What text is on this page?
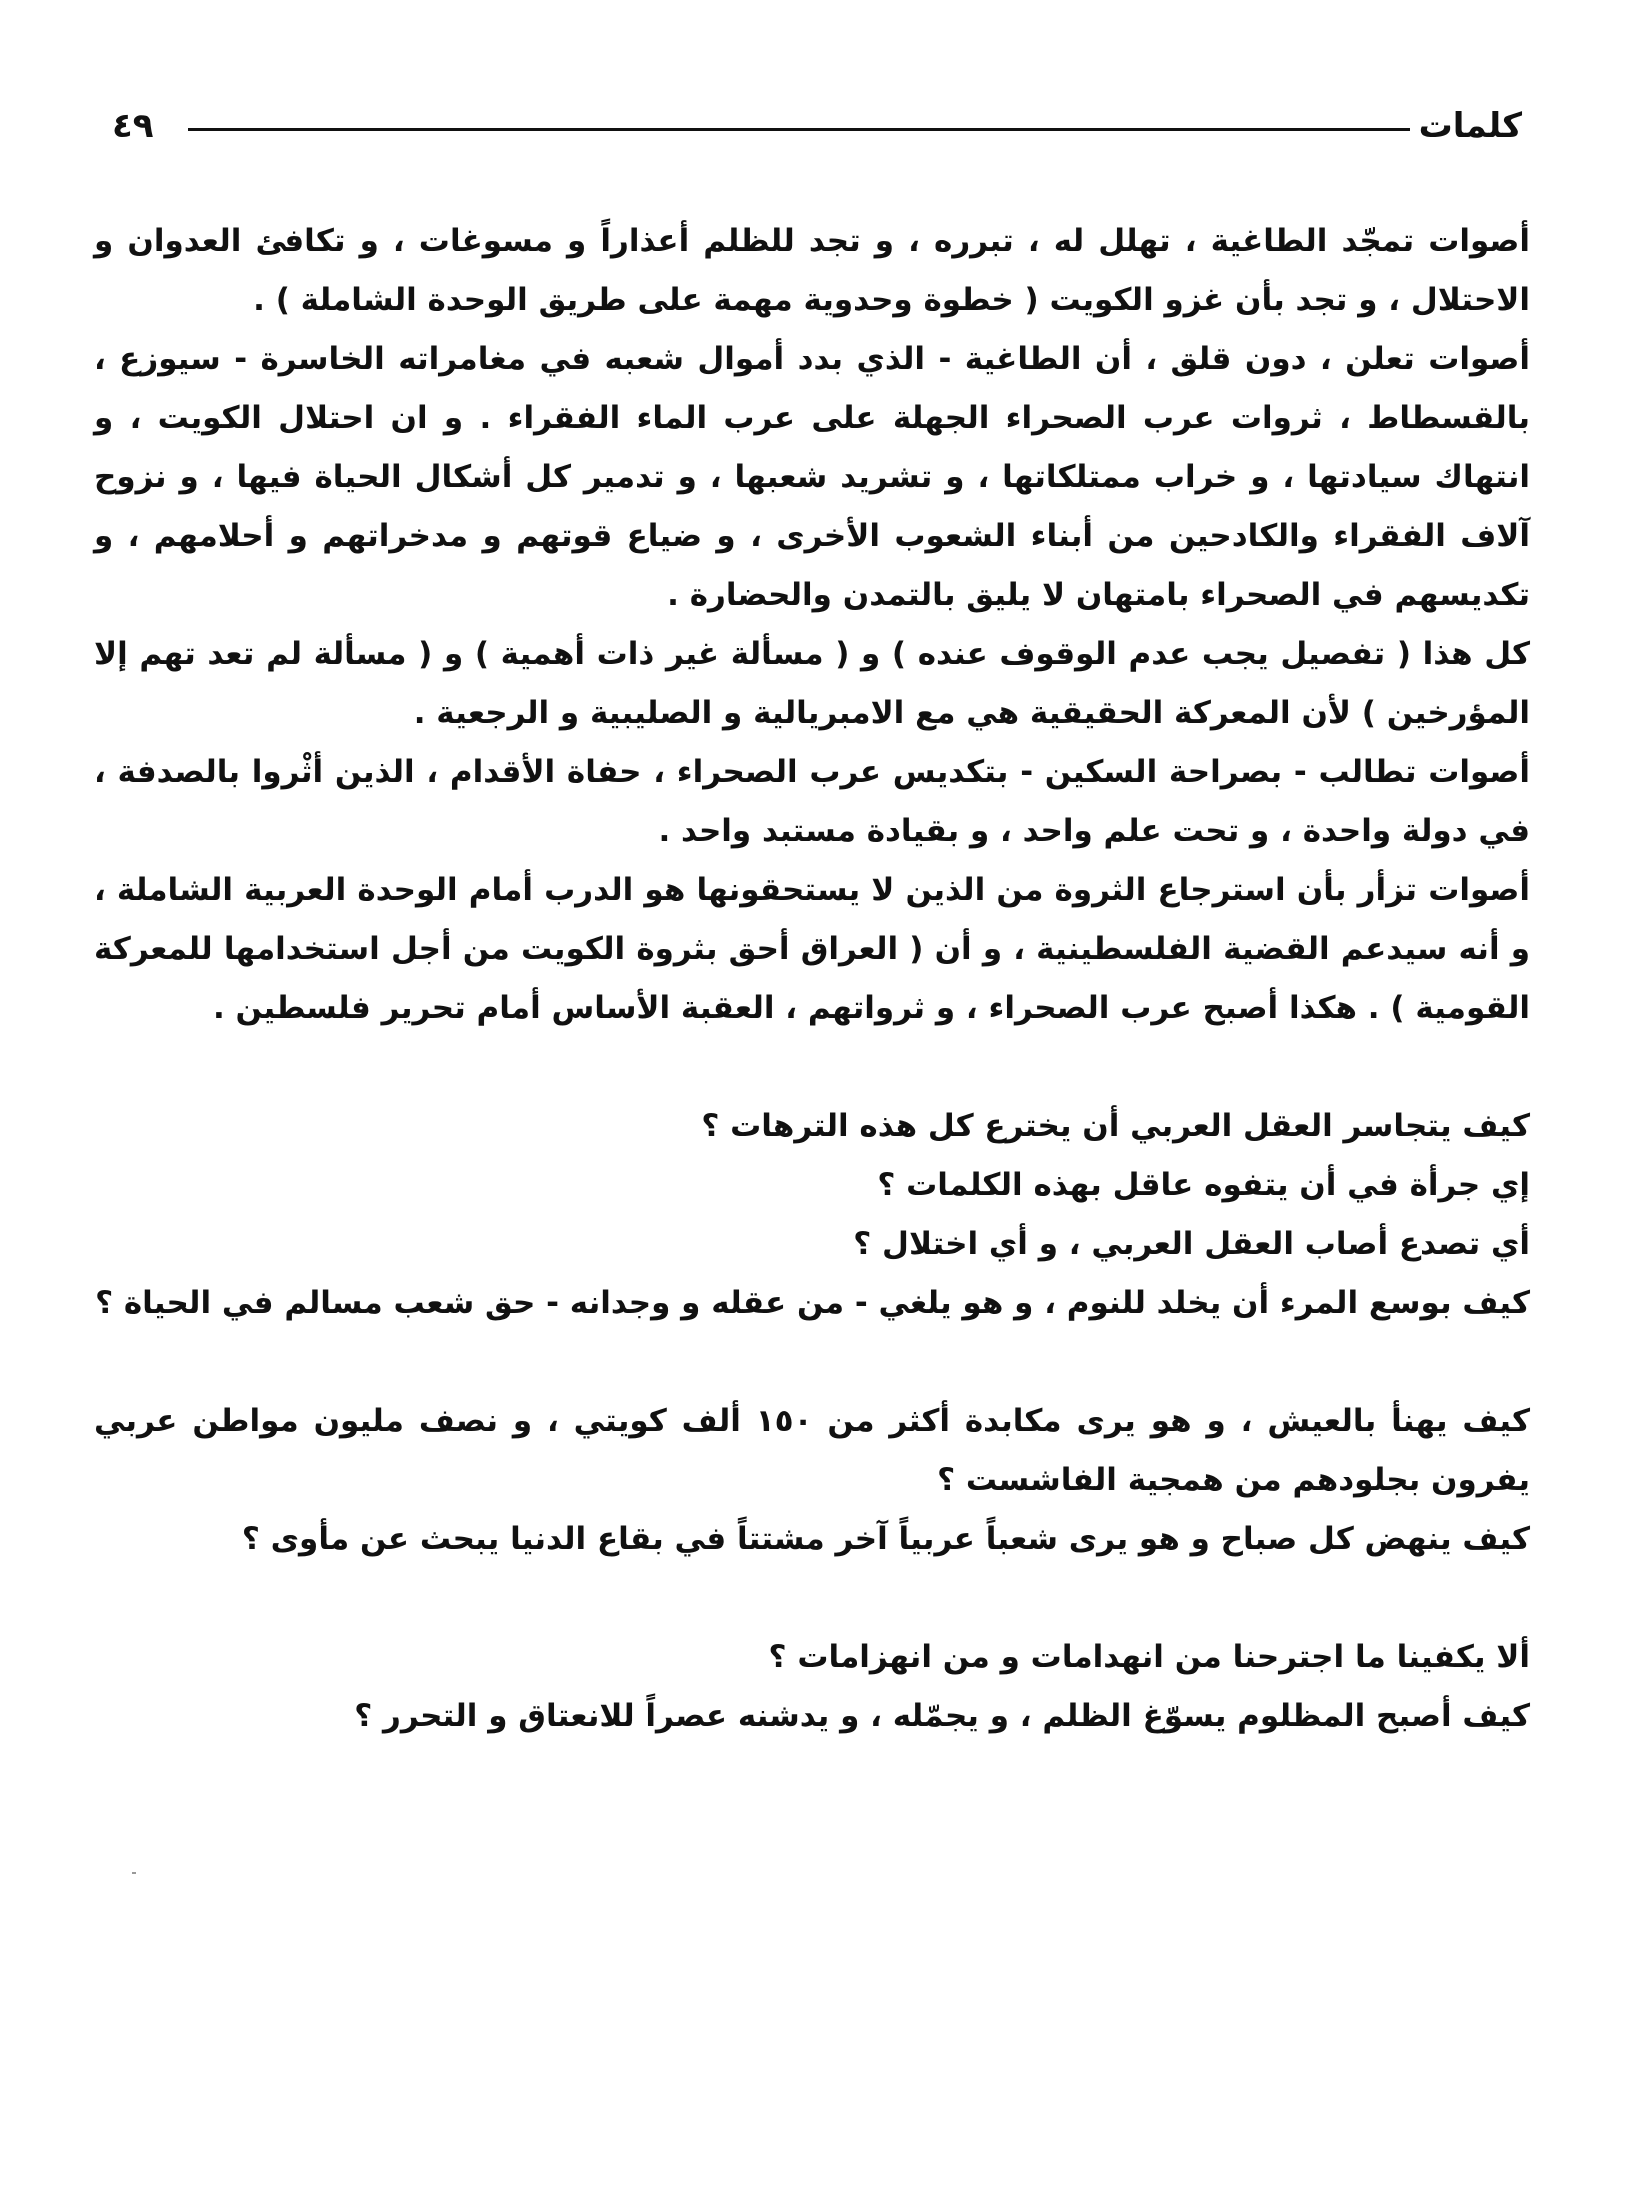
٤٩	كلمات

أصوات تمجّد الطاغية ، تهلل له ، تبرره ، و تجد للظلم أعذاراً و مسوغات ، و تكافئ العدوان و الاحتلال ، و تجد بأن غزو الكويت ( خطوة وحدوية مهمة على طريق الوحدة الشاملة ) .

أصوات تعلن ، دون قلق ، أن الطاغية - الذي بدد أموال شعبه في مغامراته الخاسرة - سيوزع ، بالقسطاط ، ثروات عرب الصحراء الجهلة على عرب الماء الفقراء . و ان احتلال الكويت ، و انتهاك سيادتها ، و خراب ممتلكاتها ، و تشريد شعبها ، و تدمير كل أشكال الحياة فيها ، و نزوح آلاف الفقراء والكادحين من أبناء الشعوب الأخرى ، و ضياع قوتهم و مدخراتهم و أحلامهم ، و تكديسهم في الصحراء بامتهان لا يليق بالتمدن والحضارة .

كل هذا ( تفصيل يجب عدم الوقوف عنده ) و ( مسألة غير ذات أهمية ) و ( مسألة لم تعد تهم إلا المؤرخين ) لأن المعركة الحقيقية هي مع الامبريالية و الصليبية و الرجعية .

أصوات تطالب - بصراحة السكين - بتكديس عرب الصحراء ، حفاة الأقدام ، الذين أثْروا بالصدفة ، في دولة واحدة ، و تحت علم واحد ، و بقيادة مستبد واحد .

أصوات تزأر بأن استرجاع الثروة من الذين لا يستحقونها هو الدرب أمام الوحدة العربية الشاملة ، و أنه سيدعم القضية الفلسطينية ، و أن ( العراق أحق بثروة الكويت من أجل استخدامها للمعركة القومية ) . هكذا أصبح عرب الصحراء ، و ثرواتهم ، العقبة الأساس أمام تحرير فلسطين .

كيف يتجاسر العقل العربي أن يخترع كل هذه الترهات ؟

إي جرأة في أن يتفوه عاقل بهذه الكلمات ؟

أي تصدع أصاب العقل العربي ، و أي اختلال ؟

كيف بوسع المرء أن يخلد للنوم ، و هو يلغي - من عقله و وجدانه - حق شعب مسالم في الحياة ؟

كيف يهنأ بالعيش ، و هو يرى مكابدة أكثر من ١٥٠ ألف كويتي ، و نصف مليون مواطن عربي يفرون بجلودهم من همجية الفاشست ؟

كيف ينهض كل صباح و هو يرى شعباً عربياً آخر مشتتاً في بقاع الدنيا يبحث عن مأوى ؟

ألا يكفينا ما اجترحنا من انهدامات و من انهزامات ؟

كيف أصبح المظلوم يسوّغ الظلم ، و يجمّله ، و يدشنه عصراً للانعتاق و التحرر ؟
